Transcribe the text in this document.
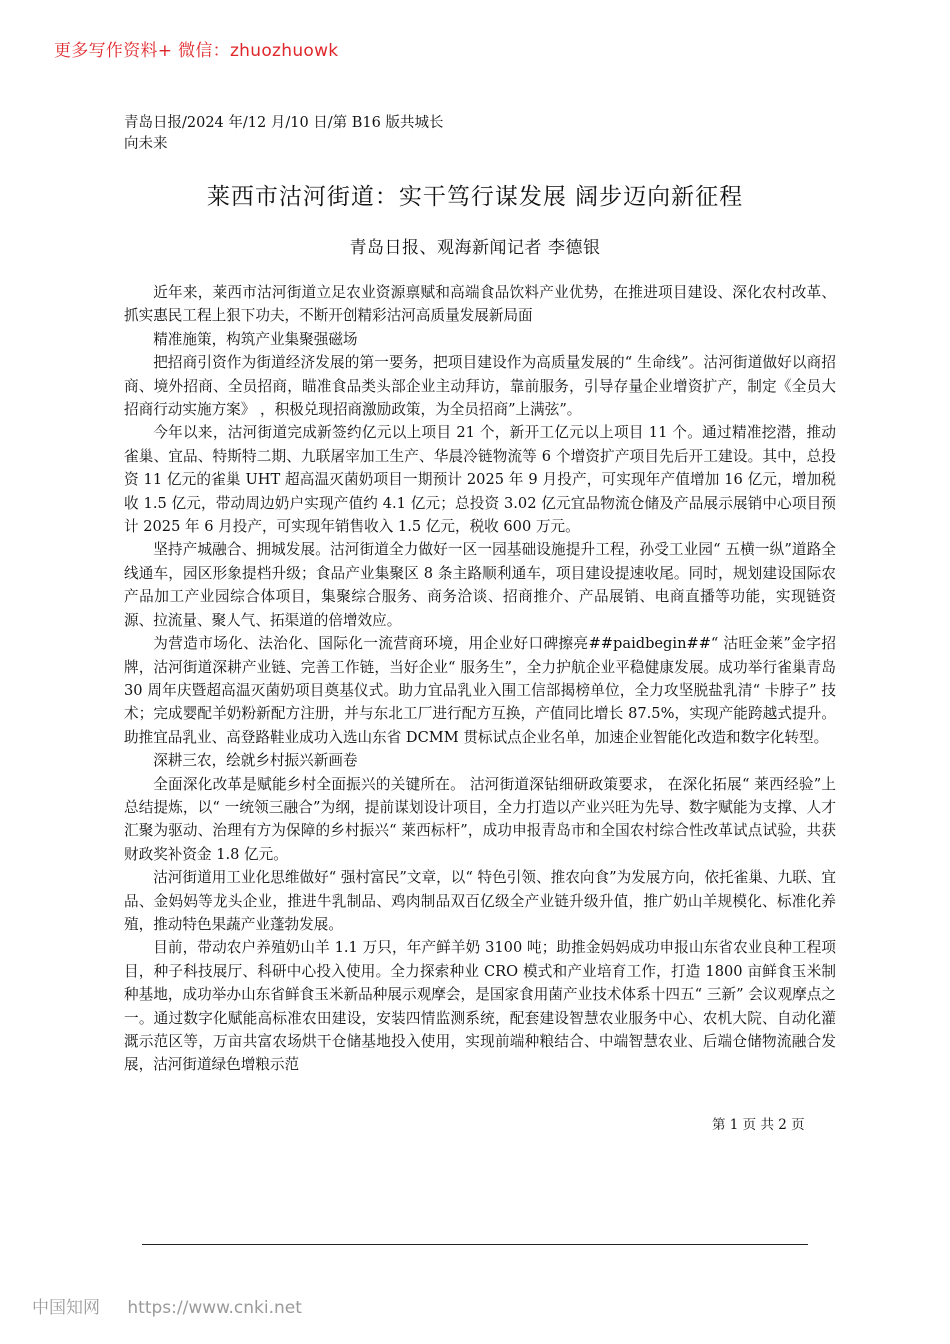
更多写作资料+ 微信：zhuozhuowk
青岛日报/2024 年/12 月/10 日/第 B16 版共城长 向未来
莱西市沽河街道：实干笃行谋发展 阔步迈向新征程
青岛日报、观海新闻记者 李德银

近年来，莱西市沽河街道立足农业资源禀赋和高端食品饮料产业优势，在推进项目建设、深化农村改革、抓实惠民工程上狠下功夫，不断开创精彩沽河高质量发展新局面

精准施策，构筑产业集聚强磁场

把招商引资作为街道经济发展的第一要务，把项目建设作为高质量发展的“ 生命线”。沽河街道做好以商招商、境外招商、全员招商，瞄准食品类头部企业主动拜访，靠前服务，引导存量企业增资扩产，制定《全员大招商行动实施方案》 ，积极兑现招商激励政策，为全员招商”上满弦”。

今年以来，沽河街道完成新签约亿元以上项目 21 个，新开工亿元以上项目 11 个。通过精准挖潜，推动雀巢、宜品、特斯特二期、九联屠宰加工生产、华晨冷链物流等 6 个增资扩产项目先后开工建设。其中，总投资 11 亿元的雀巢 UHT 超高温灭菌奶项目一期预计 2025 年 9 月投产，可实现年产值增加 16 亿元，增加税收 1.5 亿元，带动周边奶户实现产值约 4.1 亿元；总投资 3.02 亿元宜品物流仓储及产品展示展销中心项目预计 2025 年 6 月投产，可实现年销售收入 1.5 亿元，税收 600 万元。

坚持产城融合、拥城发展。沽河街道全力做好一区一园基础设施提升工程，孙受工业园“ 五横一纵”道路全线通车，园区形象提档升级；食品产业集聚区 8 条主路顺利通车，项目建设提速收尾。同时，规划建设国际农产品加工产业园综合体项目，集聚综合服务、商务洽谈、招商推介、产品展销、电商直播等功能，实现链资源、拉流量、聚人气、拓渠道的倍增效应。

为营造市场化、法治化、国际化一流营商环境，用企业好口碑擦亮##paidbegin##“ 沽旺金莱”金字招牌，沽河街道深耕产业链、完善工作链，当好企业“ 服务生”，全力护航企业平稳健康发展。成功举行雀巢青岛 30 周年庆暨超高温灭菌奶项目奠基仪式。助力宜品乳业入围工信部揭榜单位，全力攻坚脱盐乳清“ 卡脖子” 技术；完成婴配羊奶粉新配方注册，并与东北工厂进行配方互换，产值同比增长 87.5%，实现产能跨越式提升。助推宜品乳业、高登路鞋业成功入选山东省 DCMM 贯标试点企业名单，加速企业智能化改造和数字化转型。

深耕三农，绘就乡村振兴新画卷

全面深化改革是赋能乡村全面振兴的关键所在。 沽河街道深钻细研政策要求， 在深化拓展“ 莱西经验”上总结提炼，以“ 一统领三融合”为纲，提前谋划设计项目，全力打造以产业兴旺为先导、数字赋能为支撑、人才汇聚为驱动、治理有方为保障的乡村振兴“ 莱西标杆”，成功申报青岛市和全国农村综合性改革试点试验，共获财政奖补资金 1.8 亿元。

沽河街道用工业化思维做好“ 强村富民”文章，以“ 特色引领、推农向食”为发展方向，依托雀巢、九联、宜品、金妈妈等龙头企业，推进牛乳制品、鸡肉制品双百亿级全产业链升级升值，推广奶山羊规模化、标准化养殖，推动特色果蔬产业蓬勃发展。

目前，带动农户养殖奶山羊 1.1 万只，年产鲜羊奶 3100 吨；助推金妈妈成功申报山东省农业良种工程项目，种子科技展厅、科研中心投入使用。全力探索种业 CRO 模式和产业培育工作，打造 1800 亩鲜食玉米制种基地，成功举办山东省鲜食玉米新品种展示观摩会，是国家食用菌产业技术体系十四五“ 三新” 会议观摩点之一。通过数字化赋能高标准农田建设，安装四情监测系统，配套建设智慧农业服务中心、农机大院、自动化灌溉示范区等，万亩共富农场烘干仓储基地投入使用，实现前端种粮结合、中端智慧农业、后端仓储物流融合发展，沽河街道绿色增粮示范

第 1 页 共 2 页
中国知网 https://www.cnki.net
